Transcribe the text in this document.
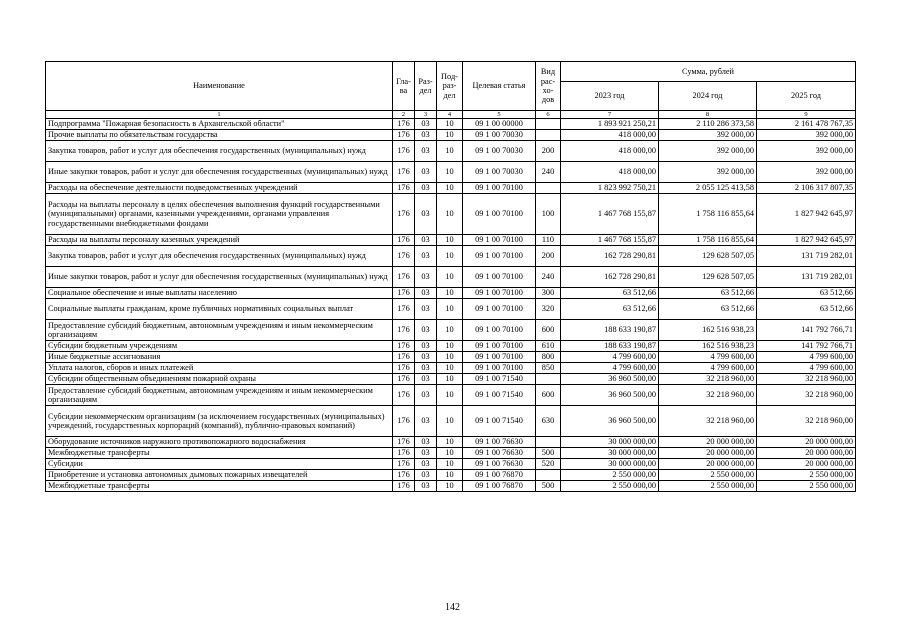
Наименование	Гла-ва	Раз-дел	Под-раз-дел	Целевая статья	Вид рас-хо-дов	Сумма, рублей		
						2023 год	2024 год	2025 год
1	2	3	4	5	6	7	8	9
Подпрограмма "Пожарная безопасность в Архангельской области"	176	03	10	09 1 00 00000		1 893 921 250,21	2 110 286 373,58	2 161 478 767,35
Прочие выплаты по обязательствам государства	176	03	10	09 1 00 70030		418 000,00	392 000,00	392 000,00
Закупка товаров, работ и услуг для обеспечения государственных (муниципальных) нужд	176	03	10	09 1 00 70030	200	418 000,00	392 000,00	392 000,00
Иные закупки товаров, работ и услуг для обеспечения государственных (муниципальных) нужд	176	03	10	09 1 00 70030	240	418 000,00	392 000,00	392 000,00
Расходы на обеспечение деятельности подведомственных учреждений	176	03	10	09 1 00 70100		1 823 992 750,21	2 055 125 413,58	2 106 317 807,35
Расходы на выплаты персоналу в целях обеспечения выполнения функций государственными (муниципальными) органами, казенными учреждениями, органами управления государственными внебюджетными фондами	176	03	10	09 1 00 70100	100	1 467 768 155,87	1 758 116 855,64	1 827 942 645,97
Расходы на выплаты персоналу казенных учреждений	176	03	10	09 1 00 70100	110	1 467 768 155,87	1 758 116 855,64	1 827 942 645,97
Закупка товаров, работ и услуг для обеспечения государственных (муниципальных) нужд	176	03	10	09 1 00 70100	200	162 728 290,81	129 628 507,05	131 719 282,01
Иные закупки товаров, работ и услуг для обеспечения государственных (муниципальных) нужд	176	03	10	09 1 00 70100	240	162 728 290,81	129 628 507,05	131 719 282,01
Социальное обеспечение и иные выплаты населению	176	03	10	09 1 00 70100	300	63 512,66	63 512,66	63 512,66
Социальные выплаты гражданам, кроме публичных нормативных социальных выплат	176	03	10	09 1 00 70100	320	63 512,66	63 512,66	63 512,66
Предоставление субсидий бюджетным, автономным учреждениям и иным некоммерческим организациям	176	03	10	09 1 00 70100	600	188 633 190,87	162 516 938,23	141 792 766,71
Субсидии бюджетным учреждениям	176	03	10	09 1 00 70100	610	188 633 190,87	162 516 938,23	141 792 766,71
Иные бюджетные ассигнования	176	03	10	09 1 00 70100	800	4 799 600,00	4 799 600,00	4 799 600,00
Уплата налогов, сборов и иных платежей	176	03	10	09 1 00 70100	850	4 799 600,00	4 799 600,00	4 799 600,00
Субсидии общественным объединениям пожарной охраны	176	03	10	09 1 00 71540		36 960 500,00	32 218 960,00	32 218 960,00
Предоставление субсидий бюджетным, автономным учреждениям и иным некоммерческим организациям	176	03	10	09 1 00 71540	600	36 960 500,00	32 218 960,00	32 218 960,00
Субсидии некоммерческим организациям (за исключением государственных (муниципальных) учреждений, государственных корпораций (компаний), публично-правовых компаний)	176	03	10	09 1 00 71540	630	36 960 500,00	32 218 960,00	32 218 960,00
Оборудование источников наружного противопожарного водоснабжения	176	03	10	09 1 00 76630		30 000 000,00	20 000 000,00	20 000 000,00
Межбюджетные трансферты	176	03	10	09 1 00 76630	500	30 000 000,00	20 000 000,00	20 000 000,00
Субсидии	176	03	10	09 1 00 76630	520	30 000 000,00	20 000 000,00	20 000 000,00
Приобретение и установка автономных дымовых пожарных извещателей	176	03	10	09 1 00 76870		2 550 000,00	2 550 000,00	2 550 000,00
Межбюджетные трансферты	176	03	10	09 1 00 76870	500	2 550 000,00	2 550 000,00	2 550 000,00
142
